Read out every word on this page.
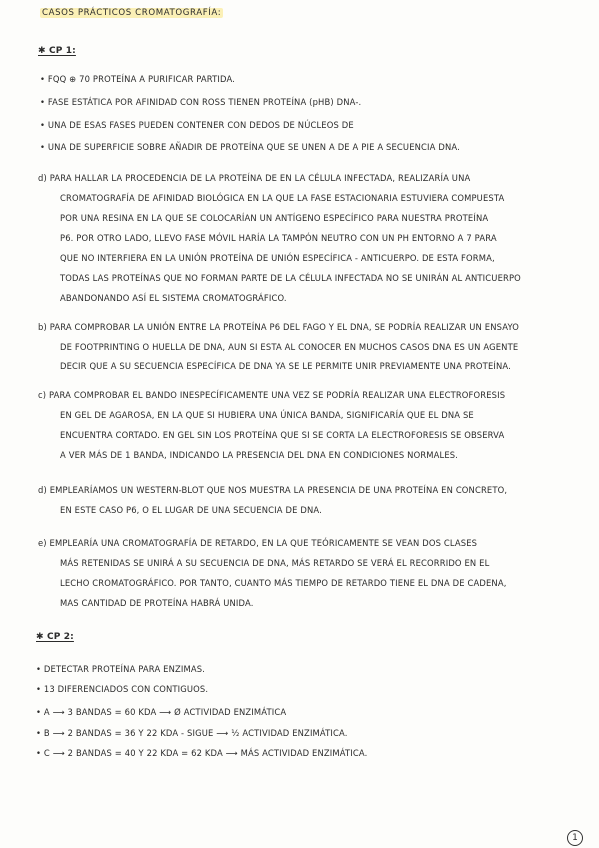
CASOS PRÁCTICOS CROMATOGRAFÍA:
✱ CP 1:
• FQQ ⊕ 70 PROTEÍNA A PURIFICAR PARTIDA.
• FASE ESTÁTICA POR AFINIDAD CON ROSS TIENEN PROTEÍNA (pHB) DNA-.
• UNA DE ESAS FASES PUEDEN CONTENER CON DEDOS DE NÚCLEOS DE
• UNA DE SUPERFICIE SOBRE AÑADIR DE PROTEÍNA QUE SE UNEN A DE A PIE A SECUENCIA DNA.
d) PARA HALLAR LA PROCEDENCIA DE LA PROTEÍNA DE EN LA CÉLULA INFECTADA, REALIZARÍA UNA
CROMATOGRAFÍA DE AFINIDAD BIOLÓGICA EN LA QUE LA FASE ESTACIONARIA ESTUVIERA COMPUESTA
POR UNA RESINA EN LA QUE SE COLOCARÍAN UN ANTÍGENO ESPECÍFICO PARA NUESTRA PROTEÍNA
P6. POR OTRO LADO, LLEVO FASE MÓVIL HARÍA LA TAMPÓN NEUTRO CON UN PH ENTORNO A 7 PARA
QUE NO INTERFIERA EN LA UNIÓN PROTEÍNA DE UNIÓN ESPECÍFICA - ANTICUERPO. DE ESTA FORMA,
TODAS LAS PROTEÍNAS QUE NO FORMAN PARTE DE LA CÉLULA INFECTADA NO SE UNIRÁN AL ANTICUERPO
ABANDONANDO ASÍ EL SISTEMA CROMATOGRÁFICO.
b) PARA COMPROBAR LA UNIÓN ENTRE LA PROTEÍNA P6 DEL FAGO Y EL DNA, SE PODRÍA REALIZAR UN ENSAYO
DE FOOTPRINTING O HUELLA DE DNA, AUN SI ESTA AL CONOCER EN MUCHOS CASOS DNA ES UN AGENTE
DECIR QUE A SU SECUENCIA ESPECÍFICA DE DNA YA SE LE PERMITE UNIR PREVIAMENTE UNA PROTEÍNA.
c) PARA COMPROBAR EL BANDO INESPECÍFICAMENTE UNA VEZ SE PODRÍA REALIZAR UNA ELECTROFORESIS
EN GEL DE AGAROSA, EN LA QUE SI HUBIERA UNA ÚNICA BANDA, SIGNIFICARÍA QUE EL DNA SE
ENCUENTRA CORTADO. EN GEL SIN LOS PROTEÍNA QUE SI SE CORTA LA ELECTROFORESIS SE OBSERVA
A VER MÁS DE 1 BANDA, INDICANDO LA PRESENCIA DEL DNA EN CONDICIONES NORMALES.
d) EMPLEARÍAMOS UN WESTERN-BLOT QUE NOS MUESTRA LA PRESENCIA DE UNA PROTEÍNA EN CONCRETO,
EN ESTE CASO P6, O EL LUGAR DE UNA SECUENCIA DE DNA.
e) EMPLEARÍA UNA CROMATOGRAFÍA DE RETARDO, EN LA QUE TEÓRICAMENTE SE VEAN DOS CLASES
MÁS RETENIDAS SE UNIRÁ A SU SECUENCIA DE DNA, MÁS RETARDO SE VERÁ EL RECORRIDO EN EL
LECHO CROMATOGRÁFICO. POR TANTO, CUANTO MÁS TIEMPO DE RETARDO TIENE EL DNA DE CADENA,
MAS CANTIDAD DE PROTEÍNA HABRÁ UNIDA.
✱ CP 2:
• DETECTAR PROTEÍNA PARA ENZIMAS.
• 13 DIFERENCIADOS CON CONTIGUOS.
• A ⟶ 3 BANDAS = 60 KDA ⟶ Ø ACTIVIDAD ENZIMÁTICA
• B ⟶ 2 BANDAS = 36 Y 22 KDA - SIGUE ⟶ ½ ACTIVIDAD ENZIMÁTICA.
• C ⟶ 2 BANDAS = 40 Y 22 KDA = 62 KDA ⟶ MÁS ACTIVIDAD ENZIMÁTICA.
1
